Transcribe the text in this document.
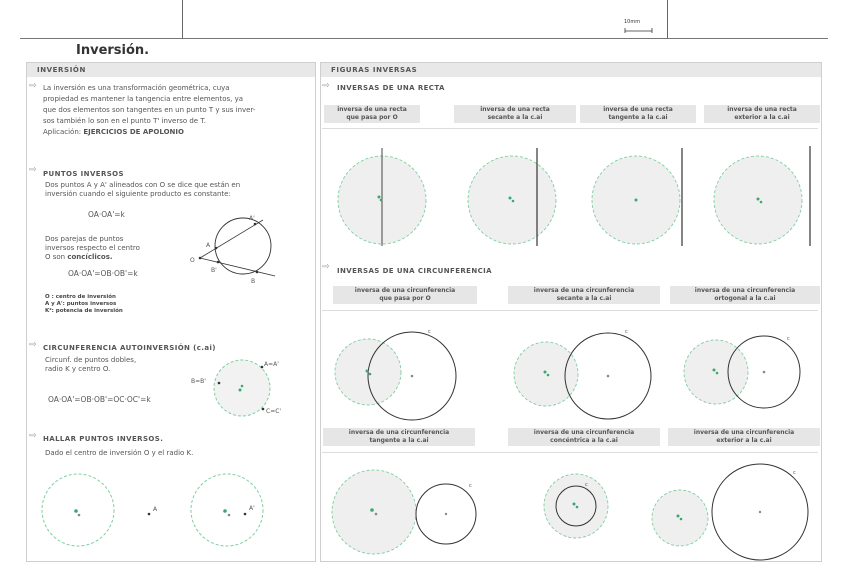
10mm
Inversión.
INVERSIÓN
⇨ La inversión es una transformación geométrica, cuya
propiedad es mantener la tangencia entre elementos, ya
que dos elementos son tangentes en un punto T y sus inver-
sos también lo son en el punto T' inverso de T.
Aplicación: EJERCICIOS DE APOLONIO
⇨ PUNTOS INVERSOS
Dos puntos A y A' alineados con O se dice que están en
inversión cuando el siguiente producto es constante:
OA·OA'=k
Dos parejas de puntos
inversos respecto el centro
O son concíclicos.
OA·OA'=OB·OB'=k
O : centro de inversión
A y A': puntos inversos
K²: potencia de inversión
A'
A
O
B'
B
⇨ CIRCUNFERENCIA AUTOINVERSIÓN (c.ai)
Circunf. de puntos dobles,
radio K y centro O.
OA·OA'=OB·OB'=OC·OC'=k
A=A'
B=B'
C=C'
⇨ HALLAR PUNTOS INVERSOS.
Dado el centro de inversión O y el radio K.
A	A'
FIGURAS INVERSAS
⇨ INVERSAS DE UNA RECTA
inversa de una recta
que pasa por O
inversa de una recta
secante a la c.ai
inversa de una recta
tangente a la c.ai
inversa de una recta
exterior a la c.ai
⇨ INVERSAS DE UNA CIRCUNFERENCIA
inversa de una circunferencia
que pasa por O
inversa de una circunferencia
secante a la c.ai
inversa de una circunferencia
ortogonal a la c.ai
c	c
c
inversa de una circunferencia
tangente a la c.ai
inversa de una circunferencia
concéntrica a la c.ai
inversa de una circunferencia
exterior a la c.ai
c	c
c
